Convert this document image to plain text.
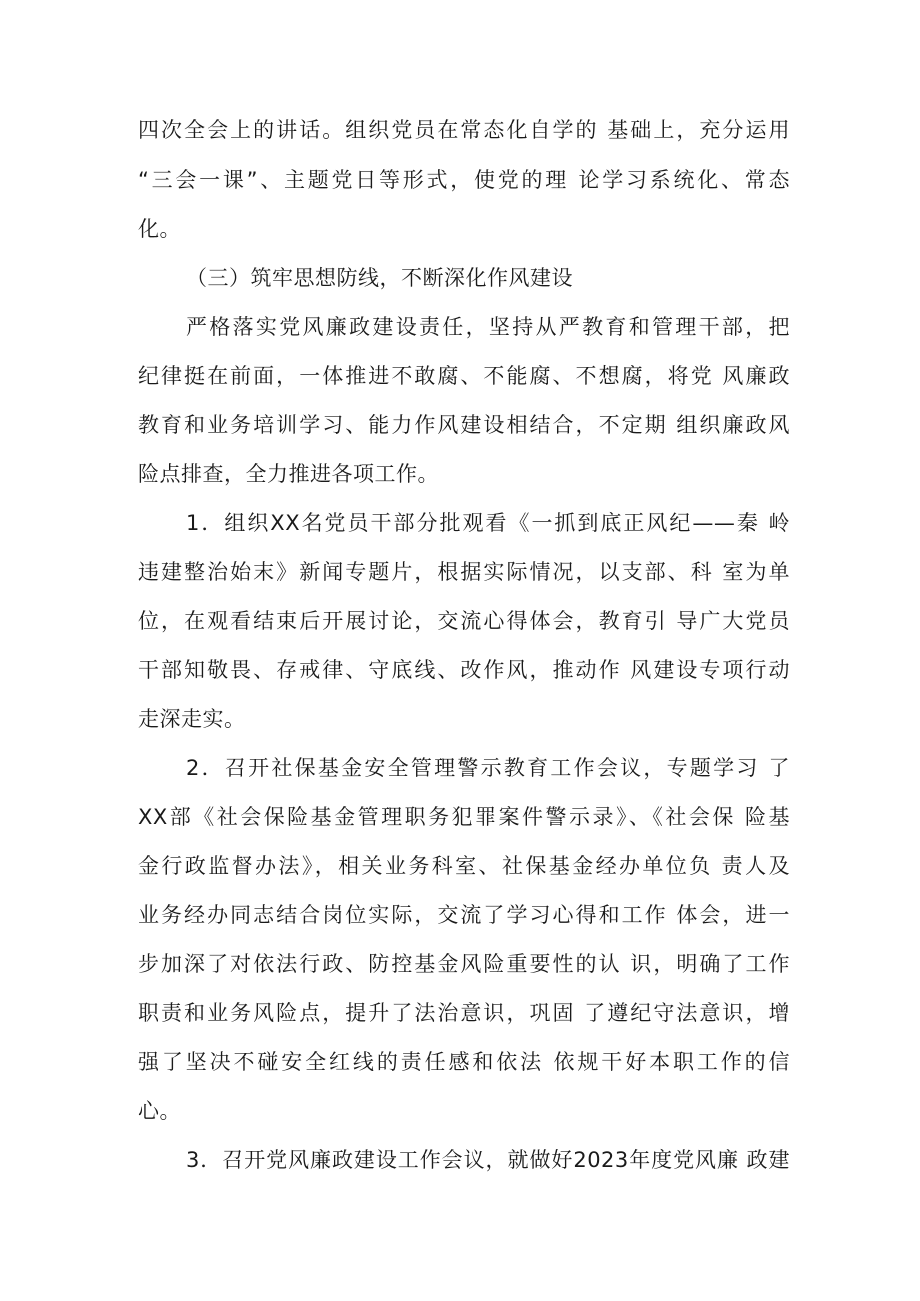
四次全会上的讲话。组织党员在常态化自学的 基础上，充分运用
“三会一课”、主题党日等形式，使党的理 论学习系统化、常态
化。
（三）筑牢思想防线，不断深化作风建设
严格落实党风廉政建设责任，坚持从严教育和管理干部，把
纪律挺在前面，一体推进不敢腐、不能腐、不想腐，将党 风廉政
教育和业务培训学习、能力作风建设相结合，不定期 组织廉政风
险点排查，全力推进各项工作。
1．组织XX名党员干部分批观看《一抓到底正风纪——秦 岭
违建整治始末》新闻专题片，根据实际情况，以支部、科 室为单
位，在观看结束后开展讨论，交流心得体会，教育引 导广大党员
干部知敬畏、存戒律、守底线、改作风，推动作 风建设专项行动
走深走实。
2．召开社保基金安全管理警示教育工作会议，专题学习 了
XX部《社会保险基金管理职务犯罪案件警示录》、《社会保 险基
金行政监督办法》，相关业务科室、社保基金经办单位负 责人及
业务经办同志结合岗位实际，交流了学习心得和工作 体会，进一
步加深了对依法行政、防控基金风险重要性的认 识，明确了工作
职责和业务风险点，提升了法治意识，巩固 了遵纪守法意识，增
强了坚决不碰安全红线的责任感和依法 依规干好本职工作的信
心。
3．召开党风廉政建设工作会议，就做好2023年度党风廉 政建
